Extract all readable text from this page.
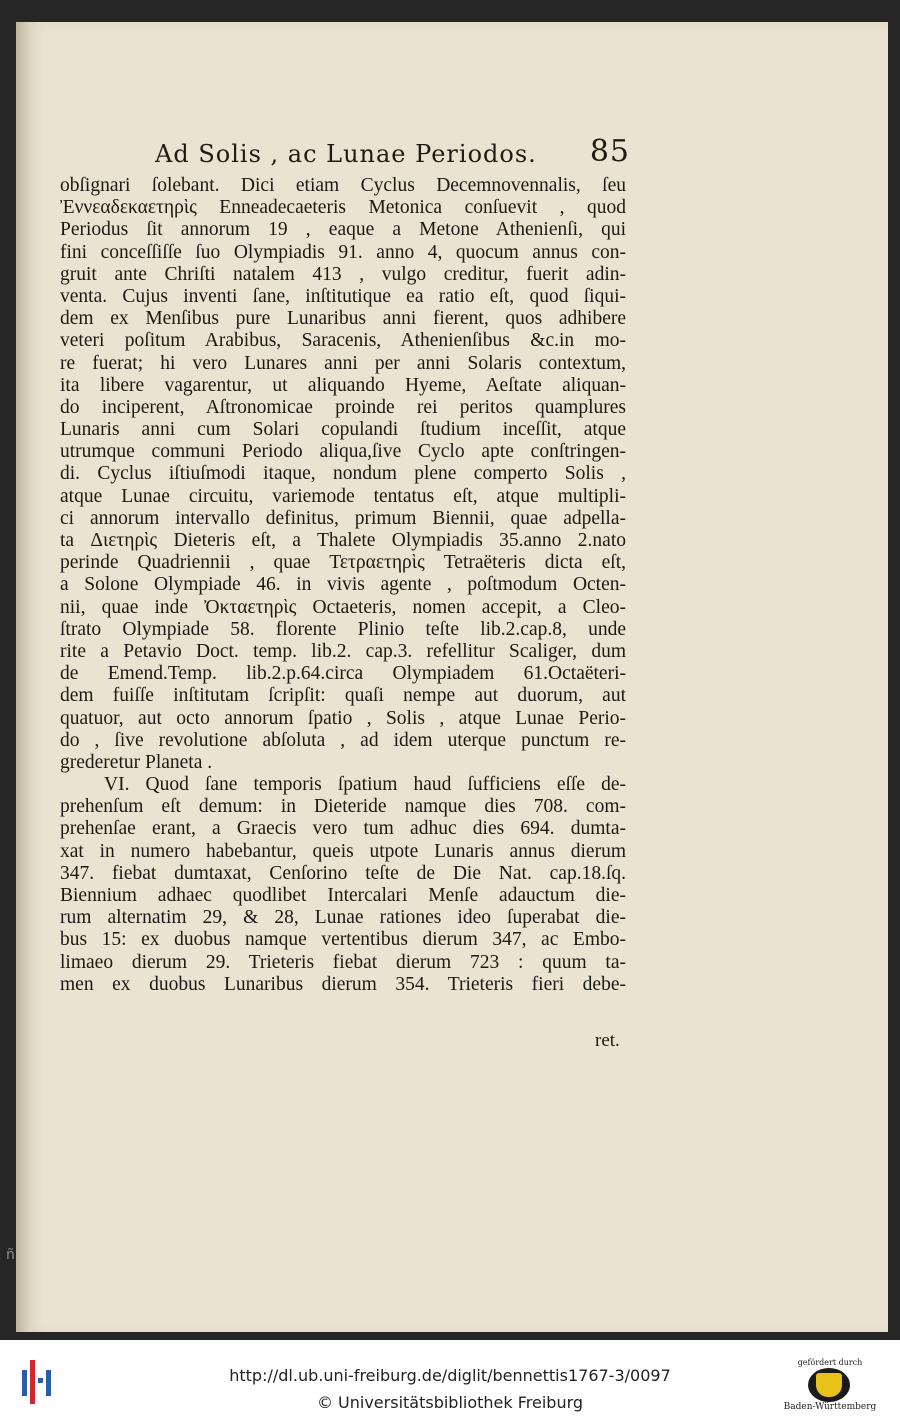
Ad Solis , ac Lunae Periodos. 85
obſignari ſolebant. Dici etiam Cyclus Decemnovennalis, ſeu
Ἐννεαδεκαετηρὶς Enneadecaeteris Metonica conſuevit , quod
Periodus ſit annorum 19 , eaque a Metone Athenienſi, qui
fini conceſſiſſe ſuo Olympiadis 91. anno 4, quocum annus con-
gruit ante Chriſti natalem 413 , vulgo creditur, fuerit adin-
venta. Cujus inventi ſane, inſtitutique ea ratio eſt, quod ſiqui-
dem ex Menſibus pure Lunaribus anni fierent, quos adhibere
veteri poſitum Arabibus, Saracenis, Athenienſibus &c.in mo-
re fuerat; hi vero Lunares anni per anni Solaris contextum,
ita libere vagarentur, ut aliquando Hyeme, Aeſtate aliquan-
do inciperent, Aſtronomicae proinde rei peritos quamplures
Lunaris anni cum Solari copulandi ſtudium inceſſit, atque
utrumque communi Periodo aliqua,ſive Cyclo apte conſtringen-
di. Cyclus iſtiuſmodi itaque, nondum plene comperto Solis ,
atque Lunae circuitu, variemode tentatus eſt, atque multipli-
ci annorum intervallo definitus, primum Biennii, quae adpella-
ta Διετηρὶς Dieteris eſt, a Thalete Olympiadis 35.anno 2.nato
perinde Quadriennii , quae Τετραετηρὶς Tetraëteris dicta eſt,
a Solone Olympiade 46. in vivis agente , poſtmodum Octen-
nii, quae inde Ὀκταετηρὶς Octaeteris, nomen accepit, a Cleo-
ſtrato Olympiade 58. florente Plinio teſte lib.2.cap.8, unde
rite a Petavio Doct. temp. lib.2. cap.3. refellitur Scaliger, dum
de Emend.Temp. lib.2.p.64.circa Olympiadem 61.Octaëteri-
dem fuiſſe inſtitutam ſcripſit: quaſi nempe aut duorum, aut
quatuor, aut octo annorum ſpatio , Solis , atque Lunae Perio-
do , ſive revolutione abſoluta , ad idem uterque punctum re-
grederetur Planeta .
VI. Quod ſane temporis ſpatium haud ſufficiens eſſe de-
prehenſum eſt demum: in Dieteride namque dies 708. com-
prehenſae erant, a Graecis vero tum adhuc dies 694. dumta-
xat in numero habebantur, queis utpote Lunaris annus dierum
347. fiebat dumtaxat, Cenſorino teſte de Die Nat. cap.18.ſq.
Biennium adhaec quodlibet Intercalari Menſe adauctum die-
rum alternatim 29, & 28, Lunae rationes ideo ſuperabat die-
bus 15: ex duobus namque vertentibus dierum 347, ac Embo-
limaeo dierum 29. Trieteris fiebat dierum 723 : quum ta-
men ex duobus Lunaribus dierum 354. Trieteris fieri debe-
ret.
ñ
http://dl.ub.uni-freiburg.de/diglit/bennettis1767-3/0097
© Universitätsbibliothek Freiburg
gefördert durch
Baden-Württemberg
